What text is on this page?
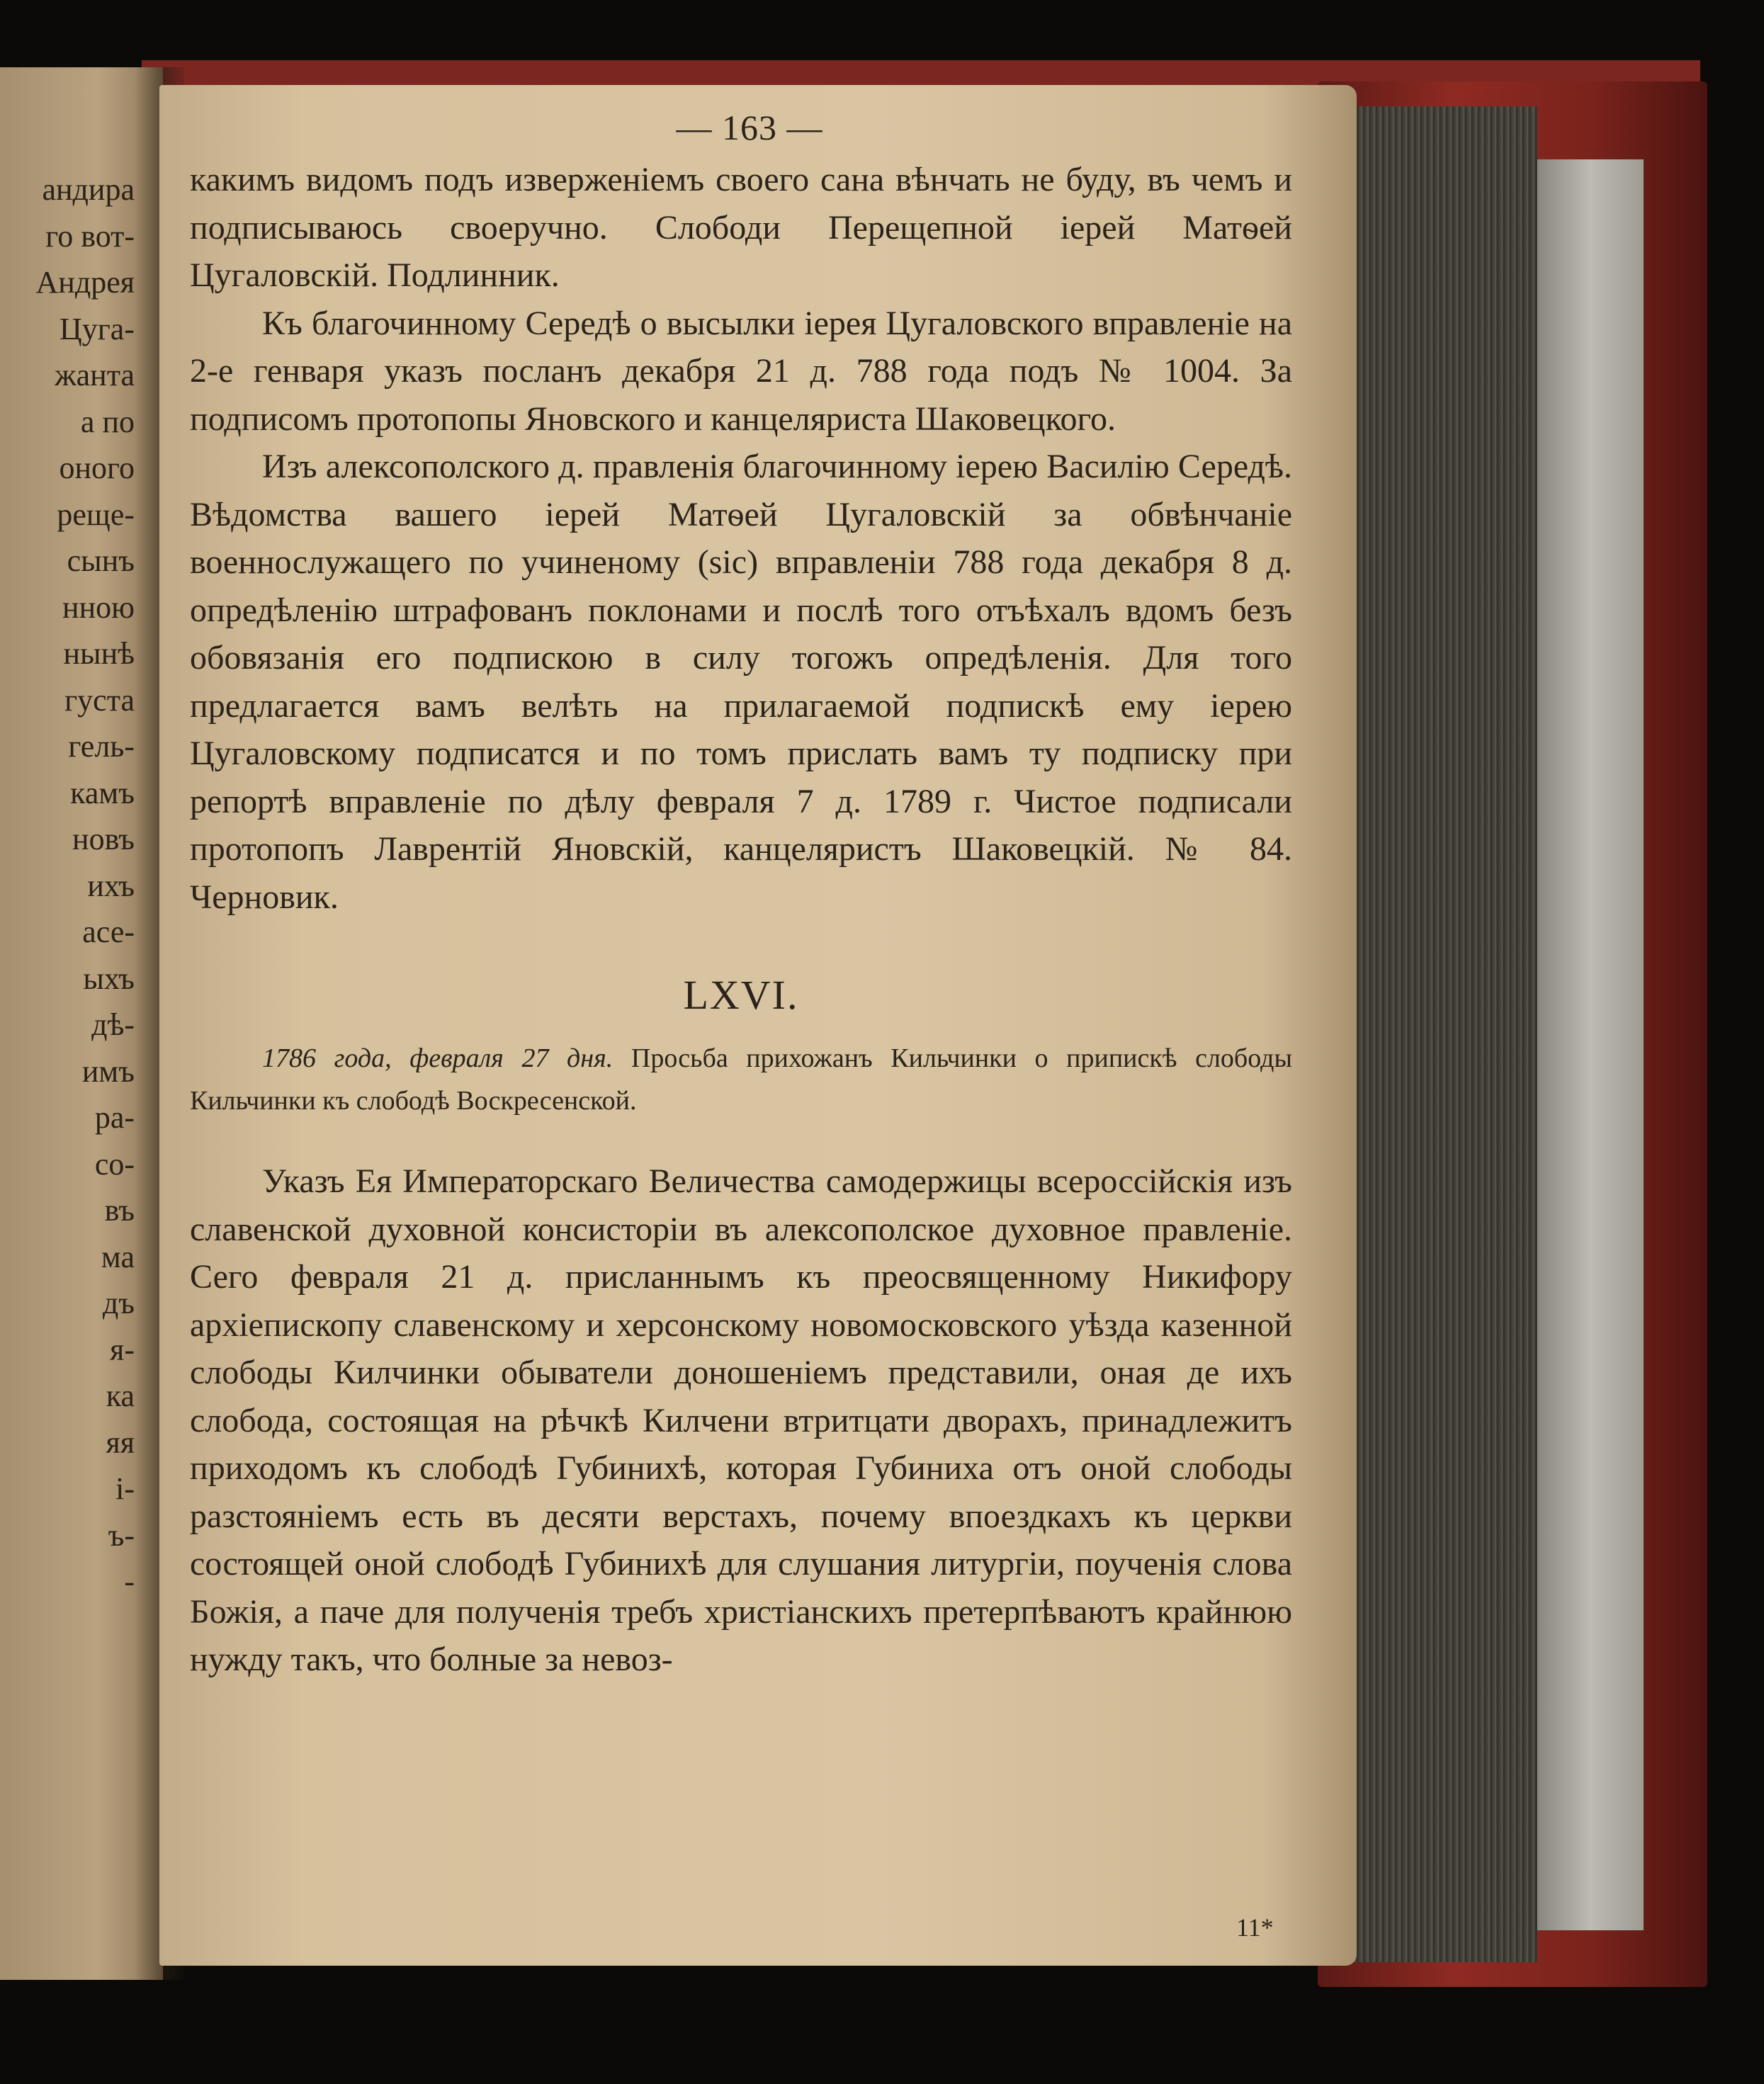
андира
го вот-
Андрея
Цуга-
жанта
а по
оного
реще-
сынъ
нною
нынѣ
густа
гель-
камъ
новъ
ихъ
асе-
ыхъ
дѣ-
имъ
ра-
со-
въ
ма
дъ
я-
ка
яя
і-
ъ-
-
— 163 —

какимъ видомъ подъ изверженіемъ своего сана вѣнчать не буду, въ чемъ и подписываюсь своеручно. Слободи Перещепной іерей Матѳей Цугаловскій. Подлинник.

Къ благочинному Середѣ о высылки іерея Цугаловского вправленіе на 2-е генваря указъ посланъ декабря 21 д. 788 года подъ № 1004. За подписомъ протопопы Яновского и канцеляриста Шаковецкого.

Изъ алексополского д. правленія благочинному іерею Василію Середѣ. Вѣдомства вашего іерей Матѳей Цугаловскій за обвѣнчаніе военнослужащего по учиненому (sic) вправленіи 788 года декабря 8 д. опредѣленію штрафованъ поклонами и послѣ того отъѣхалъ вдомъ безъ обовязанія его подпискою в силу тогожъ опредѣленія. Для того предлагается вамъ велѣть на прилагаемой подпискѣ ему іерею Цугаловскому подписатся и по томъ прислать вамъ ту подписку при репортѣ вправленіе по дѣлу февраля 7 д. 1789 г. Чистое подписали протопопъ Лаврентій Яновскій, канцеляристъ Шаковецкій. № 84. Черновик.

LXVI.

1786 года, февраля 27 дня. Просьба прихожанъ Кильчинки о припискѣ слободы Кильчинки къ слободѣ Воскресенской.

Указъ Ея Императорскаго Величества самодержицы всероссійскія изъ славенской духовной консисторіи въ алексополское духовное правленіе. Сего февраля 21 д. присланнымъ къ преосвященному Никифору архіепископу славенскому и херсонскому новомосковского уѣзда казенной слободы Килчинки обыватели доношеніемъ представили, оная де ихъ слобода, состоящая на рѣчкѣ Килчени втритцати дворахъ, принадлежитъ приходомъ къ слободѣ Губинихѣ, которая Губиниха отъ оной слободы разстояніемъ есть въ десяти верстахъ, почему впоездкахъ къ церкви состоящей оной слободѣ Губинихѣ для слушания литургіи, поученія слова Божія, а паче для полученія требъ христіанскихъ претерпѣваютъ крайнюю нужду такъ, что болные за невоз-

11*
